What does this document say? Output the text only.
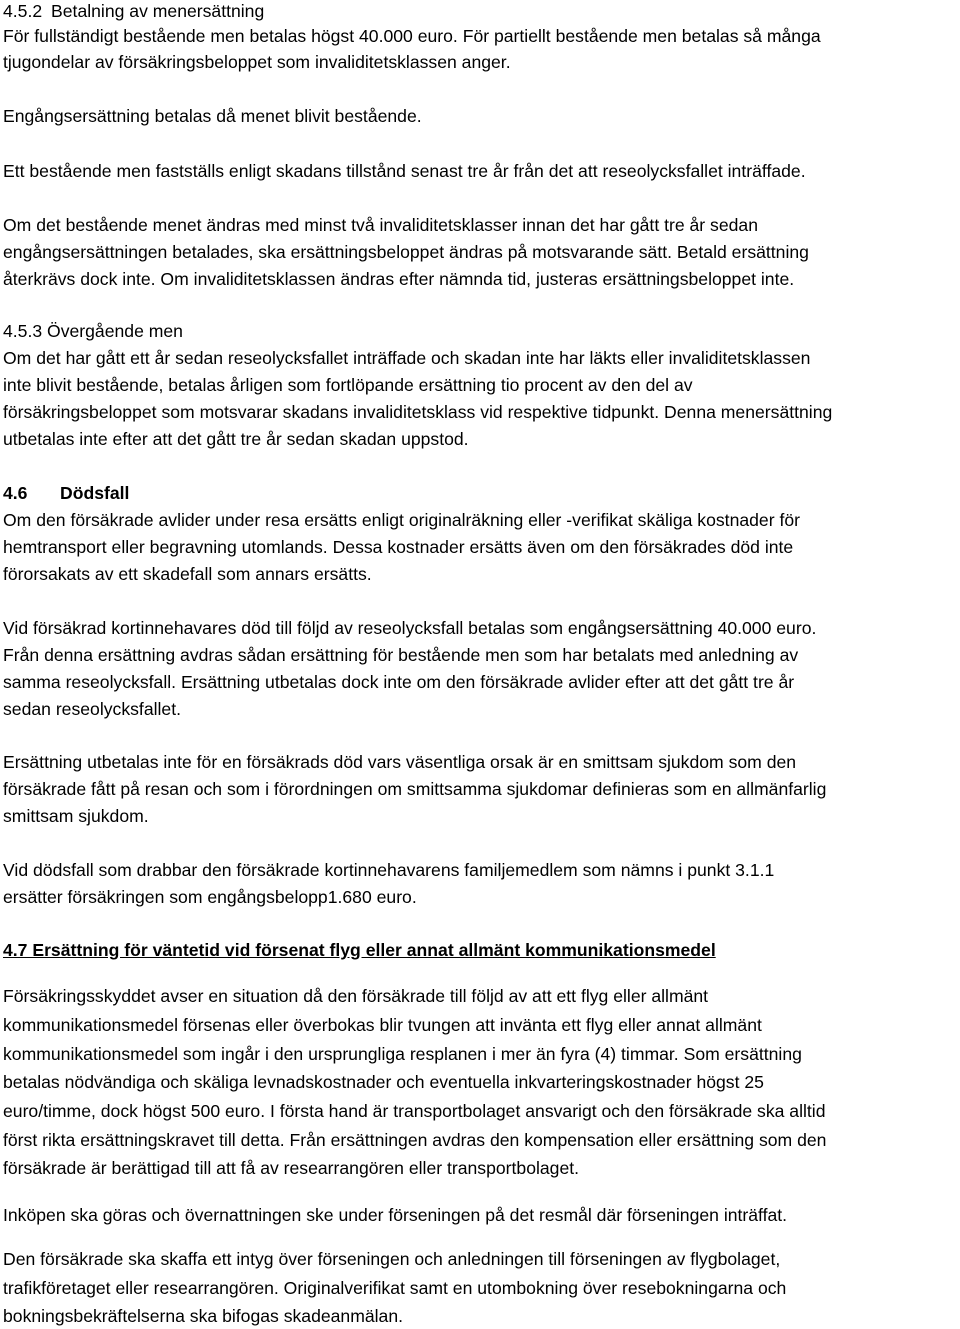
4.5.2 Betalning av menersättning
För fullständigt bestående men betalas högst 40.000 euro. För partiellt bestående men betalas så många
tjugondelar av försäkringsbeloppet som invaliditetsklassen anger.
Engångsersättning betalas då menet blivit bestående.
Ett bestående men fastställs enligt skadans tillstånd senast tre år från det att reseolycksfallet inträffade.
Om det bestående menet ändras med minst två invaliditetsklasser innan det har gått tre år sedan
engångsersättningen betalades, ska ersättningsbeloppet ändras på motsvarande sätt. Betald ersättning
återkrävs dock inte. Om invaliditetsklassen ändras efter nämnda tid, justeras ersättningsbeloppet inte.
4.5.3 Övergående men
Om det har gått ett år sedan reseolycksfallet inträffade och skadan inte har läkts eller invaliditetsklassen
inte blivit bestående, betalas årligen som fortlöpande ersättning tio procent av den del av
försäkringsbeloppet som motsvarar skadans invaliditetsklass vid respektive tidpunkt. Denna menersättning
utbetalas inte efter att det gått tre år sedan skadan uppstod.
4.6 Dödsfall
Om den försäkrade avlider under resa ersätts enligt originalräkning eller -verifikat skäliga kostnader för
hemtransport eller begravning utomlands. Dessa kostnader ersätts även om den försäkrades död inte
förorsakats av ett skadefall som annars ersätts.
Vid försäkrad kortinnehavares död till följd av reseolycksfall betalas som engångsersättning 40.000 euro.
Från denna ersättning avdras sådan ersättning för bestående men som har betalats med anledning av
samma reseolycksfall. Ersättning utbetalas dock inte om den försäkrade avlider efter att det gått tre år
sedan reseolycksfallet.
Ersättning utbetalas inte för en försäkrads död vars väsentliga orsak är en smittsam sjukdom som den
försäkrade fått på resan och som i förordningen om smittsamma sjukdomar definieras som en allmänfarlig
smittsam sjukdom.
Vid dödsfall som drabbar den försäkrade kortinnehavarens familjemedlem som nämns i punkt 3.1.1
ersätter försäkringen som engångsbelopp1.680 euro.
4.7 Ersättning för väntetid vid försenat flyg eller annat allmänt kommunikationsmedel
Försäkringsskyddet avser en situation då den försäkrade till följd av att ett flyg eller allmänt
kommunikationsmedel försenas eller överbokas blir tvungen att invänta ett flyg eller annat allmänt
kommunikationsmedel som ingår i den ursprungliga resplanen i mer än fyra (4) timmar. Som ersättning
betalas nödvändiga och skäliga levnadskostnader och eventuella inkvarteringskostnader högst 25
euro/timme, dock högst 500 euro. I första hand är transportbolaget ansvarigt och den försäkrade ska alltid
först rikta ersättningskravet till detta. Från ersättningen avdras den kompensation eller ersättning som den
försäkrade är berättigad till att få av researrangören eller transportbolaget.
Inköpen ska göras och övernattningen ske under förseningen på det resmål där förseningen inträffat.
Den försäkrade ska skaffa ett intyg över förseningen och anledningen till förseningen av flygbolaget,
trafikföretaget eller researrangören. Originalverifikat samt en utombokning över resebokningarna och
bokningsbekräftelserna ska bifogas skadeanmälan.
